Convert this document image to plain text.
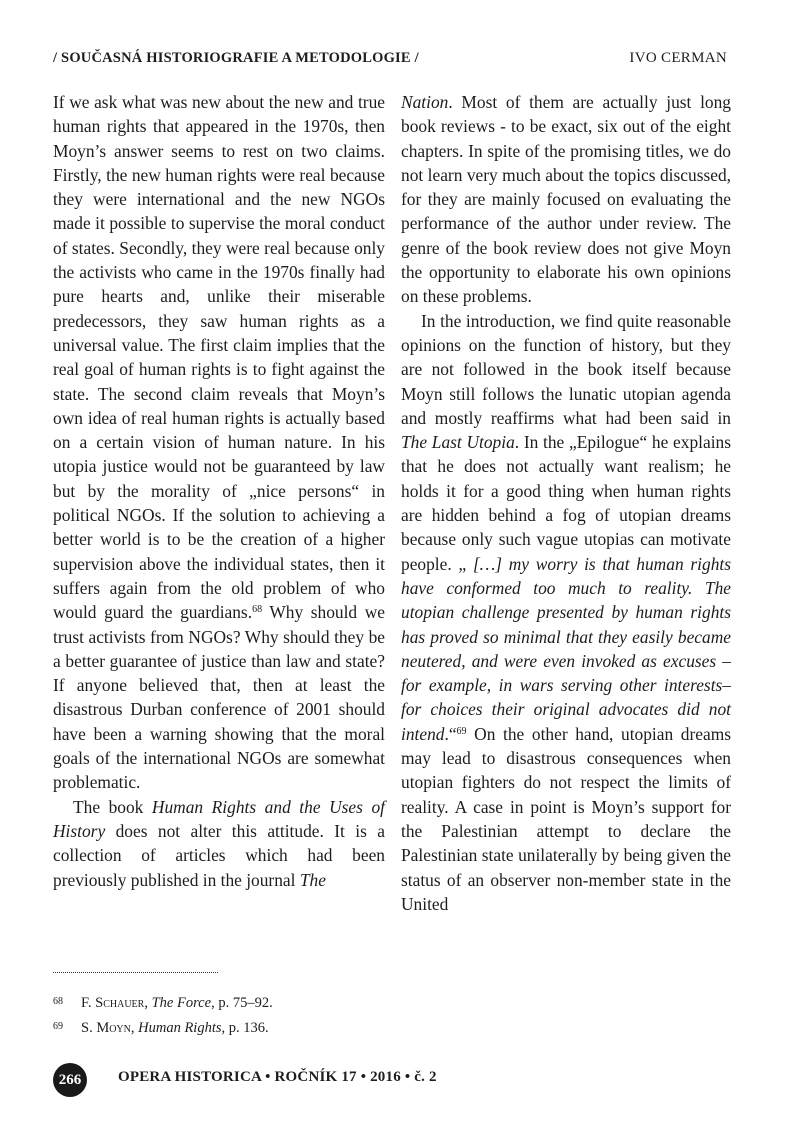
/ SOUČASNÁ HISTORIOGRAFIE A METODOLOGIE /	IVO CERMAN

If we ask what was new about the new and true human rights that appeared in the 1970s, then Moyn’s answer seems to rest on two claims. Firstly, the new human rights were real because they were international and the new NGOs made it possible to supervise the moral conduct of states. Secondly, they were real because only the activists who came in the 1970s finally had pure hearts and, unlike their miserable predecessors, they saw human rights as a universal value. The first claim implies that the real goal of human rights is to fight against the state. The second claim reveals that Moyn’s own idea of real human rights is actually based on a certain vision of human nature. In his utopia justice would not be guaranteed by law but by the morality of „nice persons“ in political NGOs. If the solution to achieving a better world is to be the creation of a higher supervision above the individual states, then it suffers again from the old problem of who would guard the guardians.$^{68}$ Why should we trust activists from NGOs? Why should they be a better guarantee of justice than law and state? If anyone believed that, then at least the disastrous Durban conference of 2001 should have been a warning showing that the moral goals of the international NGOs are somewhat problematic.

The book Human Rights and the Uses of History does not alter this attitude. It is a collection of articles which had been previously published in the journal The

Nation. Most of them are actually just long book reviews - to be exact, six out of the eight chapters. In spite of the promising titles, we do not learn very much about the topics discussed, for they are mainly focused on evaluating the performance of the author under review. The genre of the book review does not give Moyn the opportunity to elaborate his own opinions on these problems.

In the introduction, we find quite reasonable opinions on the function of history, but they are not followed in the book itself because Moyn still follows the lunatic utopian agenda and mostly reaffirms what had been said in The Last Utopia. In the „Epilogue“ he explains that he does not actually want realism; he holds it for a good thing when human rights are hidden behind a fog of utopian dreams because only such vague utopias can motivate people. „ […] my worry is that human rights have conformed too much to reality. The utopian challenge presented by human rights has proved so minimal that they easily became neutered, and were even invoked as excuses – for example, in wars serving other interests–for choices their original advocates did not intend.“$^{69}$ On the other hand, utopian dreams may lead to disastrous consequences when utopian fighters do not respect the limits of reality. A case in point is Moyn’s support for the Palestinian attempt to declare the Palestinian state unilaterally by being given the status of an observer non-member state in the United

68 F. Schauer, The Force, p. 75–92.
69 S. Moyn, Human Rights, p. 136.
266	OPERA HISTORICA • ROČNÍK 17 • 2016 • č. 2
